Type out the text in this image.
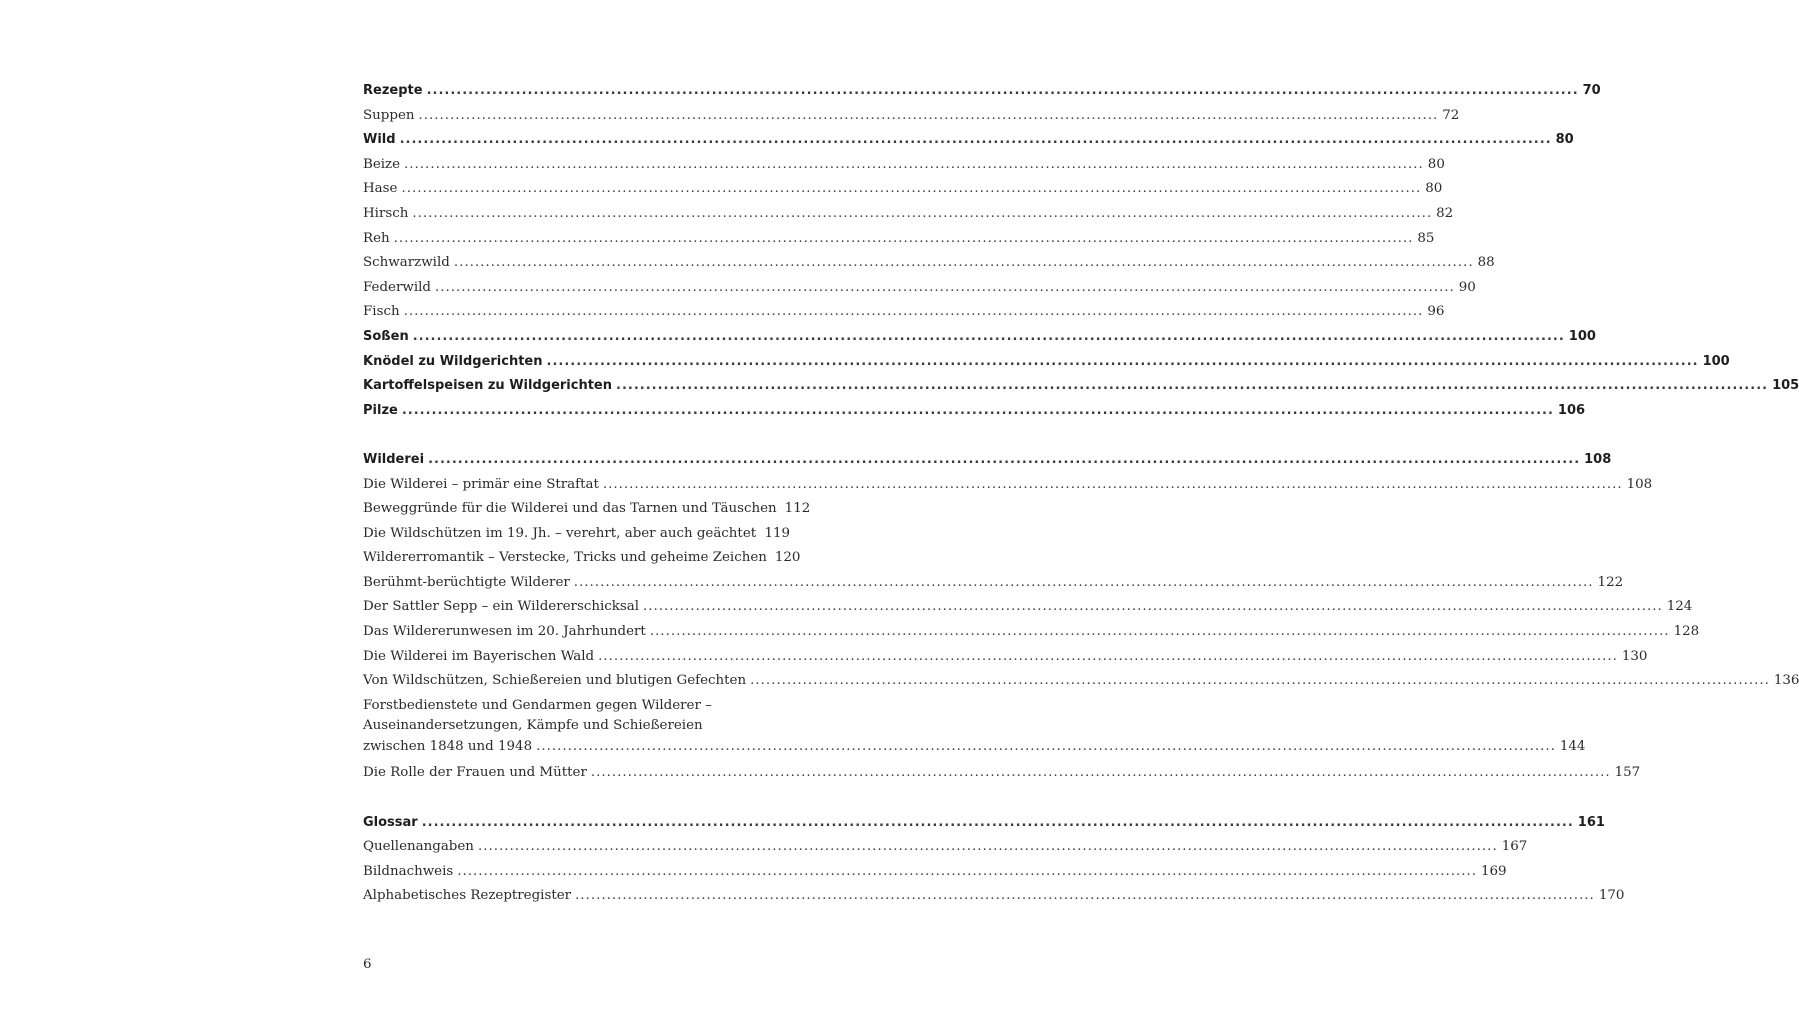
Rezepte .....	70
Suppen .....	72
Wild .....	80
Beize .....	80
Hase .....	80
Hirsch .....	82
Reh .....	85
Schwarzwild .....	88
Federwild .....	90
Fisch .....	96
Soßen .....	100
Knödel zu Wildgerichten .....	100
Kartoffelspeisen zu Wildgerichten .....	105
Pilze .....	106
Wilderei .....	108
Die Wilderei – primär eine Straftat .....	108
Beweggründe für die Wilderei und das Tarnen und Täuschen 112
Die Wildschützen im 19. Jh. – verehrt, aber auch geächtet ..... 119
Wildererromantik – Verstecke, Tricks und geheime Zeichen 120
Berühmt-berüchtigte Wilderer .....	122
Der Sattler Sepp – ein Wildererschicksal .....	124
Das Wildererunwesen im 20. Jahrhundert .....	128
Die Wilderei im Bayerischen Wald .....	130
Von Wildschützen, Schießereien und blutigen Gefechten .....	136
Forstbedienstete und Gendarmen gegen Wilderer –
Auseinandersetzungen, Kämpfe und Schießereien
zwischen 1848 und 1948 .....	144
Die Rolle der Frauen und Mütter .....	157
Glossar .....	161
Quellenangaben .....	167
Bildnachweis .....	169
Alphabetisches Rezeptregister .....	170
6
